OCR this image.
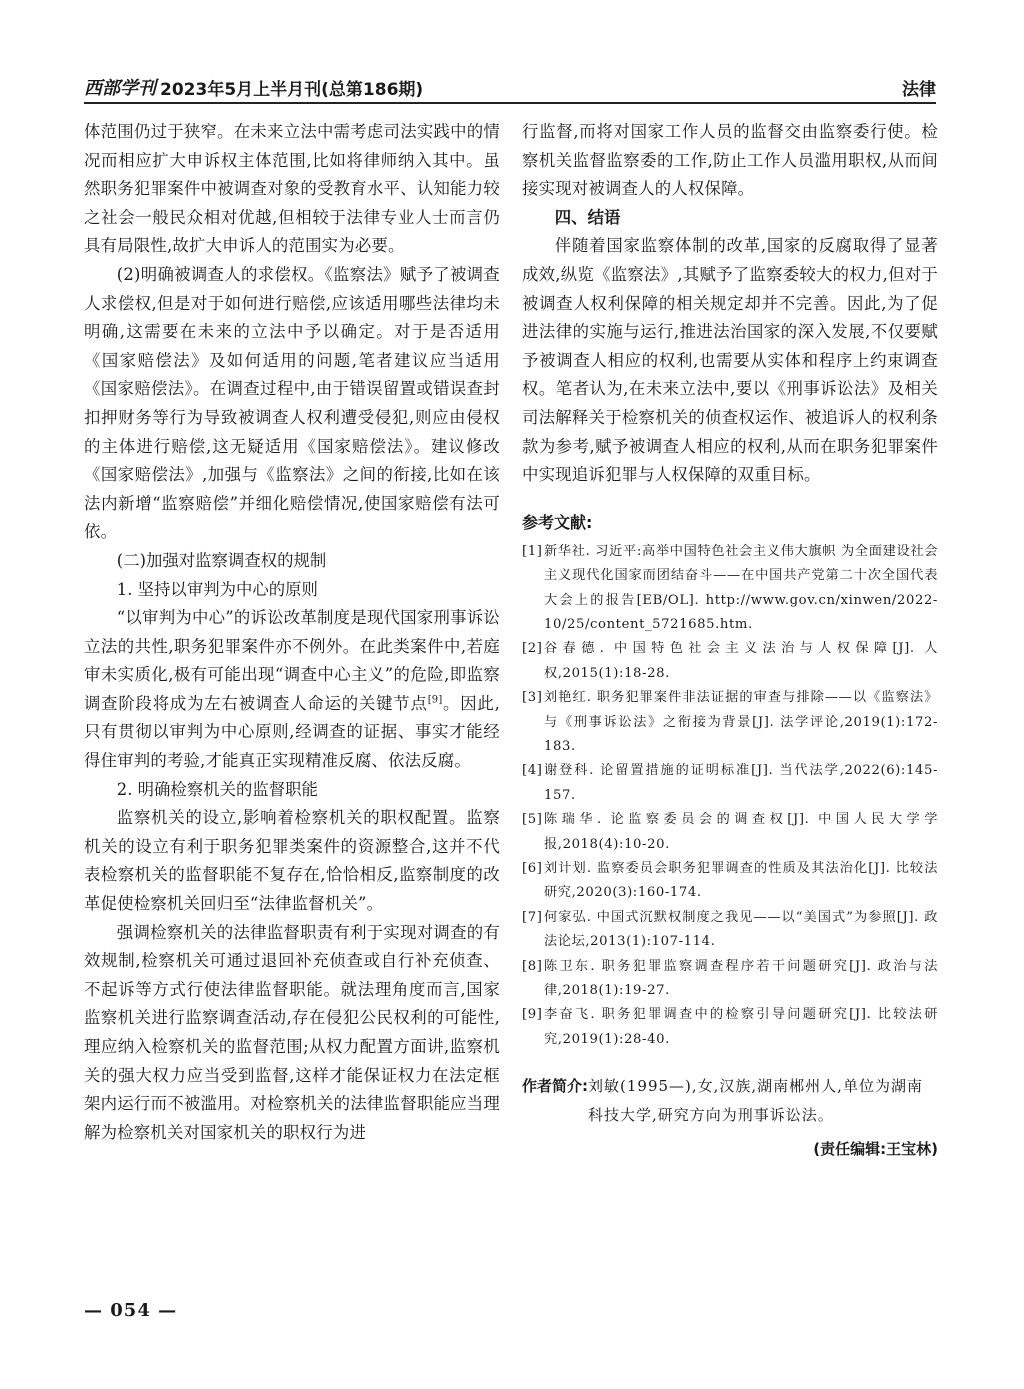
西部学刊 2023年5月上半月刊(总第186期)	法律

体范围仍过于狭窄。在未来立法中需考虑司法实践中的情况而相应扩大申诉权主体范围,比如将律师纳入其中。虽然职务犯罪案件中被调查对象的受教育水平、认知能力较之社会一般民众相对优越,但相较于法律专业人士而言仍具有局限性,故扩大申诉人的范围实为必要。

(2)明确被调查人的求偿权。《监察法》赋予了被调查人求偿权,但是对于如何进行赔偿,应该适用哪些法律均未明确,这需要在未来的立法中予以确定。对于是否适用《国家赔偿法》及如何适用的问题,笔者建议应当适用《国家赔偿法》。在调查过程中,由于错误留置或错误查封扣押财务等行为导致被调查人权利遭受侵犯,则应由侵权的主体进行赔偿,这无疑适用《国家赔偿法》。建议修改《国家赔偿法》,加强与《监察法》之间的衔接,比如在该法内新增“监察赔偿”并细化赔偿情况,使国家赔偿有法可依。

(二)加强对监察调查权的规制

1. 坚持以审判为中心的原则

“以审判为中心”的诉讼改革制度是现代国家刑事诉讼立法的共性,职务犯罪案件亦不例外。在此类案件中,若庭审未实质化,极有可能出现“调查中心主义”的危险,即监察调查阶段将成为左右被调查人命运的关键节点[9]。因此,只有贯彻以审判为中心原则,经调查的证据、事实才能经得住审判的考验,才能真正实现精准反腐、依法反腐。

2. 明确检察机关的监督职能

监察机关的设立,影响着检察机关的职权配置。监察机关的设立有利于职务犯罪类案件的资源整合,这并不代表检察机关的监督职能不复存在,恰恰相反,监察制度的改革促使检察机关回归至“法律监督机关”。

强调检察机关的法律监督职责有利于实现对调查的有效规制,检察机关可通过退回补充侦查或自行补充侦查、不起诉等方式行使法律监督职能。就法理角度而言,国家监察机关进行监察调查活动,存在侵犯公民权利的可能性,理应纳入检察机关的监督范围;从权力配置方面讲,监察机关的强大权力应当受到监督,这样才能保证权力在法定框架内运行而不被滥用。对检察机关的法律监督职能应当理解为检察机关对国家机关的职权行为进

行监督,而将对国家工作人员的监督交由监察委行使。检察机关监督监察委的工作,防止工作人员滥用职权,从而间接实现对被调查人的人权保障。

四、结语

伴随着国家监察体制的改革,国家的反腐取得了显著成效,纵览《监察法》,其赋予了监察委较大的权力,但对于被调查人权利保障的相关规定却并不完善。因此,为了促进法律的实施与运行,推进法治国家的深入发展,不仅要赋予被调查人相应的权利,也需要从实体和程序上约束调查权。笔者认为,在未来立法中,要以《刑事诉讼法》及相关司法解释关于检察机关的侦查权运作、被追诉人的权利条款为参考,赋予被调查人相应的权利,从而在职务犯罪案件中实现追诉犯罪与人权保障的双重目标。

参考文献:
[1] 新华社. 习近平:高举中国特色社会主义伟大旗帜 为全面建设社会主义现代化国家而团结奋斗——在中国共产党第二十次全国代表大会上的报告[EB/OL]. http://www.gov.cn/xinwen/2022-10/25/content_5721685.htm.
[2] 谷春德. 中国特色社会主义法治与人权保障[J]. 人权,2015(1):18-28.
[3] 刘艳红. 职务犯罪案件非法证据的审查与排除——以《监察法》与《刑事诉讼法》之衔接为背景[J]. 法学评论,2019(1):172-183.
[4] 谢登科. 论留置措施的证明标准[J]. 当代法学,2022(6):145-157.
[5] 陈瑞华. 论监察委员会的调查权[J]. 中国人民大学学报,2018(4):10-20.
[6] 刘计划. 监察委员会职务犯罪调查的性质及其法治化[J]. 比较法研究,2020(3):160-174.
[7] 何家弘. 中国式沉默权制度之我见——以“美国式”为参照[J]. 政法论坛,2013(1):107-114.
[8] 陈卫东. 职务犯罪监察调查程序若干问题研究[J]. 政治与法律,2018(1):19-27.
[9] 李奋飞. 职务犯罪调查中的检察引导问题研究[J]. 比较法研究,2019(1):28-40.
作者简介: 刘敏(1995—),女,汉族,湖南郴州人,单位为湖南科技大学,研究方向为刑事诉讼法。
(责任编辑:王宝林)
— 054 —
